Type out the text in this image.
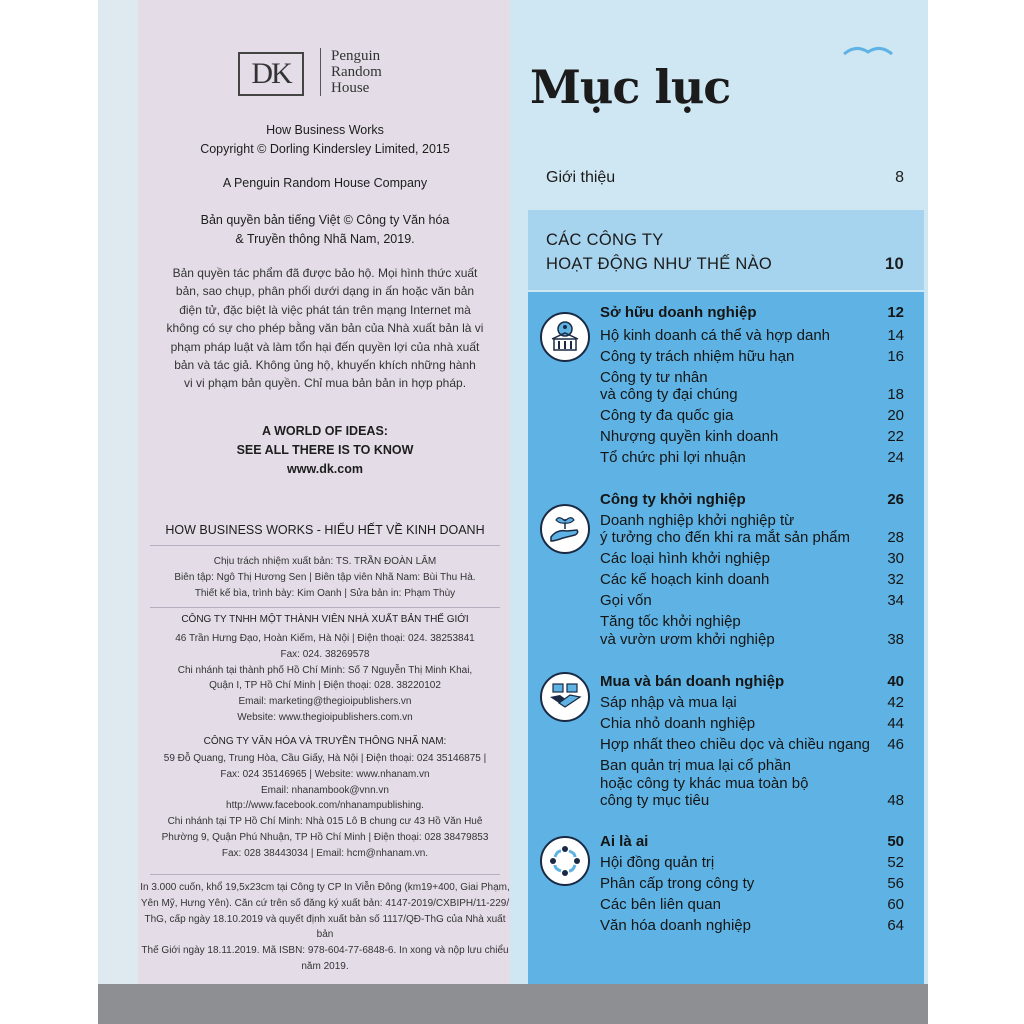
DK
Penguin
Random
House
How Business Works
Copyright © Dorling Kindersley Limited, 2015
A Penguin Random House Company
Bản quyền bản tiếng Việt © Công ty Văn hóa
& Truyền thông Nhã Nam, 2019.
Bản quyền tác phẩm đã được bảo hộ. Mọi hình thức xuất
bản, sao chụp, phân phối dưới dạng in ấn hoặc văn bản
điện tử, đặc biệt là việc phát tán trên mạng Internet mà
không có sự cho phép bằng văn bản của Nhà xuất bản là vi
phạm pháp luật và làm tổn hại đến quyền lợi của nhà xuất
bản và tác giả. Không ủng hộ, khuyến khích những hành
vi vi phạm bản quyền. Chỉ mua bản bản in hợp pháp.
A WORLD OF IDEAS:
SEE ALL THERE IS TO KNOW
www.dk.com
HOW BUSINESS WORKS - HIỂU HẾT VỀ KINH DOANH
Chịu trách nhiệm xuất bản: TS. TRẦN ĐOÀN LÂM
Biên tập: Ngô Thị Hương Sen | Biên tập viên Nhã Nam: Bùi Thu Hà.
Thiết kế bìa, trình bày: Kim Oanh | Sửa bản in: Phạm Thùy
CÔNG TY TNHH MỘT THÀNH VIÊN NHÀ XUẤT BẢN THẾ GIỚI
46 Trần Hưng Đạo, Hoàn Kiếm, Hà Nội | Điện thoại: 024. 38253841
Fax: 024. 38269578
Chi nhánh tại thành phố Hồ Chí Minh: Số 7 Nguyễn Thị Minh Khai,
Quận I, TP Hồ Chí Minh | Điện thoại: 028. 38220102
Email: marketing@thegioipublishers.vn
Website: www.thegioipublishers.com.vn
CÔNG TY VĂN HÓA VÀ TRUYỀN THÔNG NHÃ NAM:
59 Đỗ Quang, Trung Hòa, Cầu Giấy, Hà Nội | Điện thoại: 024 35146875 |
Fax: 024 35146965 | Website: www.nhanam.vn
Email: nhanambook@vnn.vn
http://www.facebook.com/nhanampublishing.
Chi nhánh tại TP Hồ Chí Minh: Nhà 015 Lô B chung cư 43 Hồ Văn Huê
Phường 9, Quận Phú Nhuận, TP Hồ Chí Minh | Điện thoại: 028 38479853
Fax: 028 38443034 | Email: hcm@nhanam.vn.
In 3.000 cuốn, khổ 19,5x23cm tại Công ty CP In Viễn Đông (km19+400, Giai Phạm,
Yên Mỹ, Hưng Yên). Căn cứ trên số đăng ký xuất bản: 4147-2019/CXBIPH/11-229/
ThG, cấp ngày 18.10.2019 và quyết định xuất bản số 1117/QĐ-ThG của Nhà xuất bản
Thế Giới ngày 18.11.2019. Mã ISBN: 978-604-77-6848-6. In xong và nộp lưu chiểu
năm 2019.
Mục lục
Giới thiệu	8
CÁC CÔNG TY
HOẠT ĐỘNG NHƯ THẾ NÀO	10
Sở hữu doanh nghiệp	12
Hộ kinh doanh cá thể và hợp danh	14
Công ty trách nhiệm hữu hạn	16
Công ty tư nhân
và công ty đại chúng	18
Công ty đa quốc gia	20
Nhượng quyền kinh doanh	22
Tổ chức phi lợi nhuận	24
Công ty khởi nghiệp	26
Doanh nghiệp khởi nghiệp từ
ý tưởng cho đến khi ra mắt sản phẩm 28
Các loại hình khởi nghiệp	30
Các kế hoạch kinh doanh	32
Gọi vốn	34
Tăng tốc khởi nghiệp
và vườn ươm khởi nghiệp	38
Mua và bán doanh nghiệp	40
Sáp nhập và mua lại	42
Chia nhỏ doanh nghiệp	44
Hợp nhất theo chiều dọc và chiều ngang 46
Ban quản trị mua lại cổ phần
hoặc công ty khác mua toàn bộ
công ty mục tiêu	48
Ai là ai	50
Hội đồng quản trị	52
Phân cấp trong công ty	56
Các bên liên quan	60
Văn hóa doanh nghiệp	64
